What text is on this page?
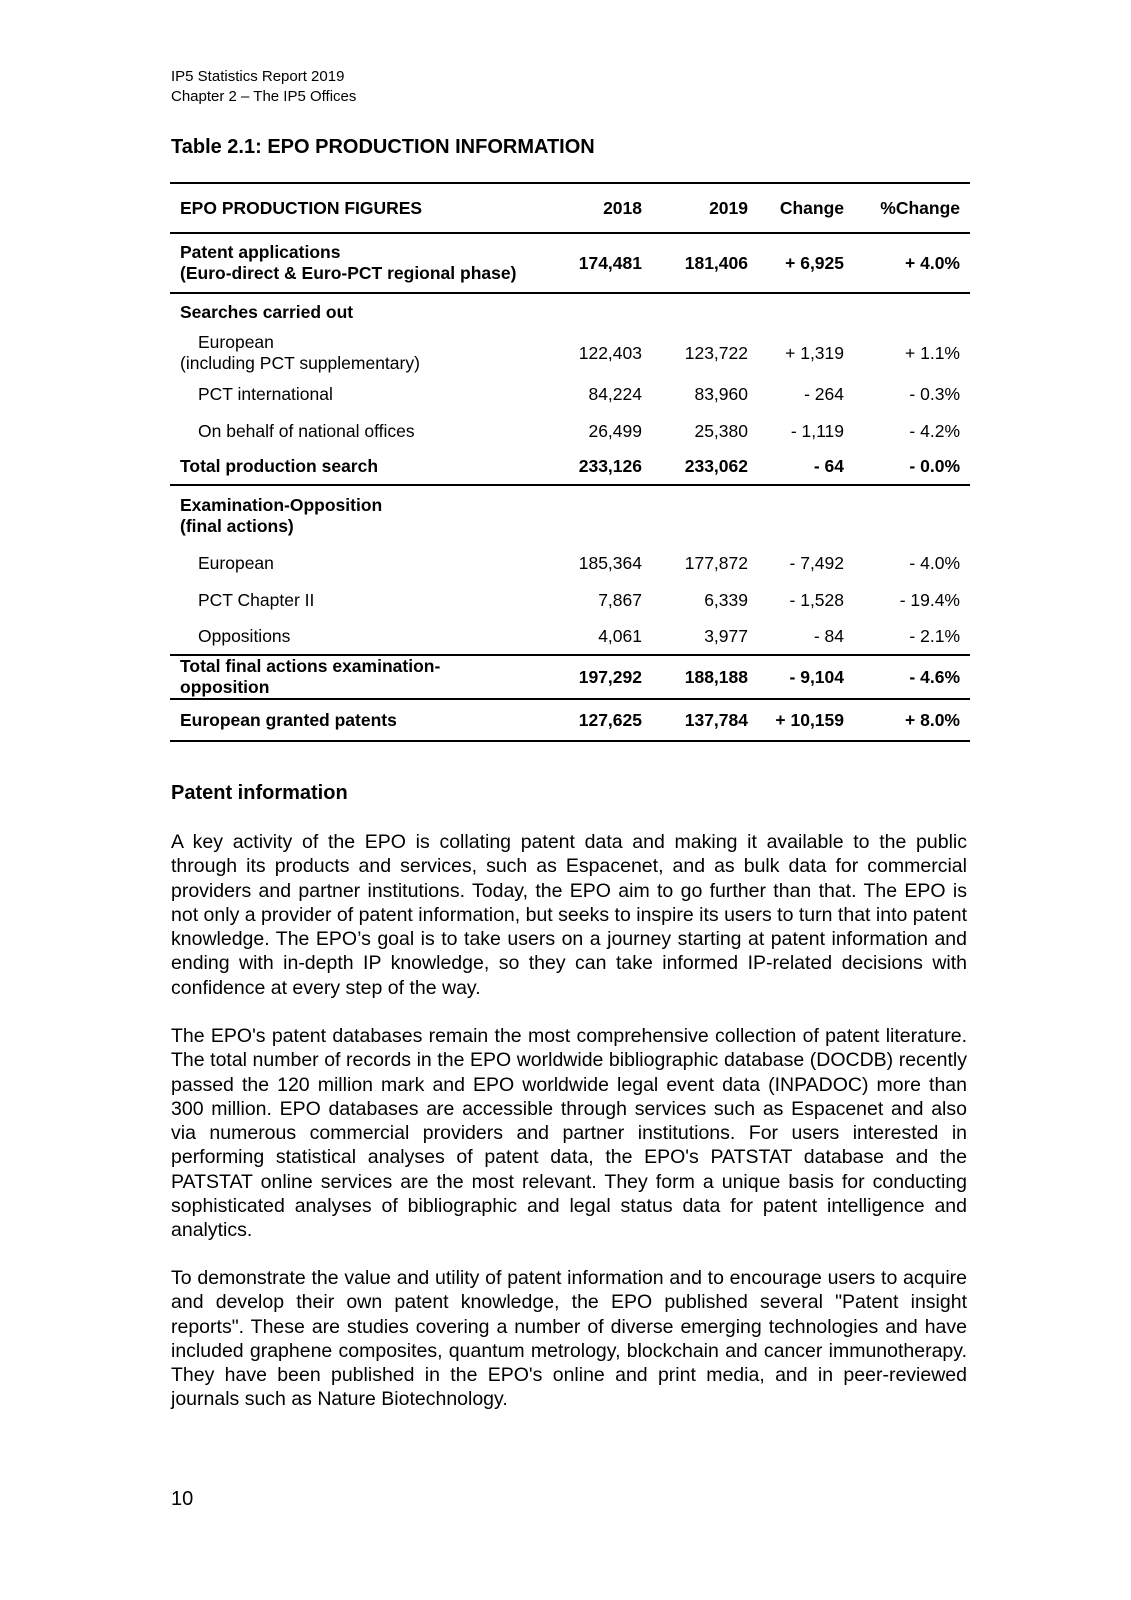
IP5 Statistics Report 2019
Chapter 2 – The IP5 Offices
Table 2.1: EPO PRODUCTION INFORMATION
EPO PRODUCTION FIGURES	2018	2019	Change	%Change

Patent applications
(Euro-direct & Euro-PCT regional phase)	174,481	181,406	+ 6,925	+ 4.0%
Searches carried out				

European
(including PCT supplementary)	122,403	123,722	+ 1,319	+ 1.1%
PCT international	84,224	83,960	- 264	- 0.3%
On behalf of national offices	26,499	25,380	- 1,119	- 4.2%
Total production search	233,126	233,062	- 64	- 0.0%

Examination-Opposition
(final actions)				

European	185,364	177,872	- 7,492	- 4.0%
PCT Chapter II	7,867	6,339	- 1,528	- 19.4%
Oppositions	4,061	3,977	- 84	- 2.1%

Total final actions examination-
opposition	197,292	188,188	- 9,104	- 4.6%
European granted patents	127,625	137,784	+ 10,159	+ 8.0%
Patent information

A key activity of the EPO is collating patent data and making it available to the public through its products and services, such as Espacenet, and as bulk data for commercial providers and partner institutions. Today, the EPO aim to go further than that. The EPO is not only a provider of patent information, but seeks to inspire its users to turn that into patent knowledge. The EPO’s goal is to take users on a journey starting at patent information and ending with in-depth IP knowledge, so they can take informed IP-related decisions with confidence at every step of the way.

The EPO's patent databases remain the most comprehensive collection of patent literature. The total number of records in the EPO worldwide bibliographic database (DOCDB) recently passed the 120 million mark and EPO worldwide legal event data (INPADOC) more than 300 million. EPO databases are accessible through services such as Espacenet and also via numerous commercial providers and partner institutions. For users interested in performing statistical analyses of patent data, the EPO's PATSTAT database and the PATSTAT online services are the most relevant. They form a unique basis for conducting sophisticated analyses of bibliographic and legal status data for patent intelligence and analytics.

To demonstrate the value and utility of patent information and to encourage users to acquire and develop their own patent knowledge, the EPO published several "Patent insight reports". These are studies covering a number of diverse emerging technologies and have included graphene composites, quantum metrology, blockchain and cancer immunotherapy. They have been published in the EPO's online and print media, and in peer-reviewed journals such as Nature Biotechnology.

10
